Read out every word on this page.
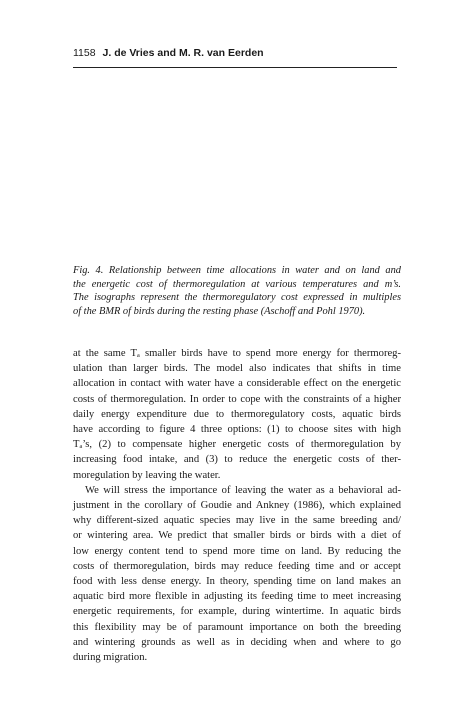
1158 J. de Vries and M. R. van Eerden

Fig. 4. Relationship between time allocations in water and on land and
the energetic cost of thermoregulation at various temperatures and m’s.
The isographs represent the thermoregulatory cost expressed in multiples
of the BMR of birds during the resting phase (Aschoff and Pohl 1970).

at the same Tₐ smaller birds have to spend more energy for thermoreg-
ulation than larger birds. The model also indicates that shifts in time
allocation in contact with water have a considerable effect on the energetic
costs of thermoregulation. In order to cope with the constraints of a higher
daily energy expenditure due to thermoregulatory costs, aquatic birds
have according to figure 4 three options: (1) to choose sites with high
Tₐ’s, (2) to compensate higher energetic costs of thermoregulation by
increasing food intake, and (3) to reduce the energetic costs of ther-
moregulation by leaving the water.

We will stress the importance of leaving the water as a behavioral ad-
justment in the corollary of Goudie and Ankney (1986), which explained
why different-sized aquatic species may live in the same breeding and/
or wintering area. We predict that smaller birds or birds with a diet of
low energy content tend to spend more time on land. By reducing the
costs of thermoregulation, birds may reduce feeding time and or accept
food with less dense energy. In theory, spending time on land makes an
aquatic bird more flexible in adjusting its feeding time to meet increasing
energetic requirements, for example, during wintertime. In aquatic birds
this flexibility may be of paramount importance on both the breeding
and wintering grounds as well as in deciding when and where to go
during migration.
